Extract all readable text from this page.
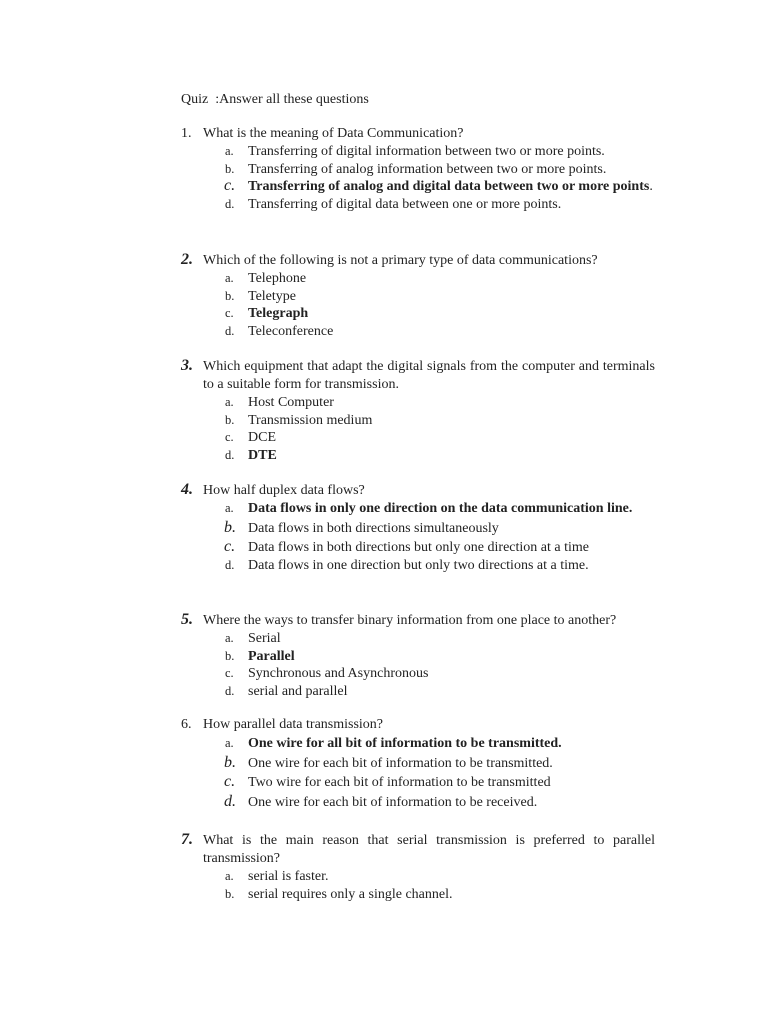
Quiz  :Answer all these questions
1. What is the meaning of Data Communication?
a. Transferring of digital information between two or more points.
b. Transferring of analog information between two or more points.
c. Transferring of analog and digital data between two or more points.
d. Transferring of digital data between one or more points.
2. Which of the following is not a primary type of data communications?
a. Telephone
b. Teletype
c. Telegraph
d. Teleconference
3. Which equipment that adapt the digital signals from the computer and terminals to a suitable form for transmission.
a. Host Computer
b. Transmission medium
c. DCE
d. DTE
4. How half duplex data flows?
a. Data flows in only one direction on the data communication line.
b. Data flows in both directions simultaneously
c. Data flows in both directions but only one direction at a time
d. Data flows in one direction but only two directions at a time.
5. Where the ways to transfer binary information from one place to another?
a. Serial
b. Parallel
c. Synchronous and Asynchronous
d. serial and parallel
6. How parallel data transmission?
a. One wire for all bit of information to be transmitted.
b. One wire for each bit of information to be transmitted.
c. Two wire for each bit of information to be transmitted
d. One wire for each bit of information to be received.
7. What is the main reason that serial transmission is preferred to parallel transmission?
a. serial is faster.
b. serial requires only a single channel.
